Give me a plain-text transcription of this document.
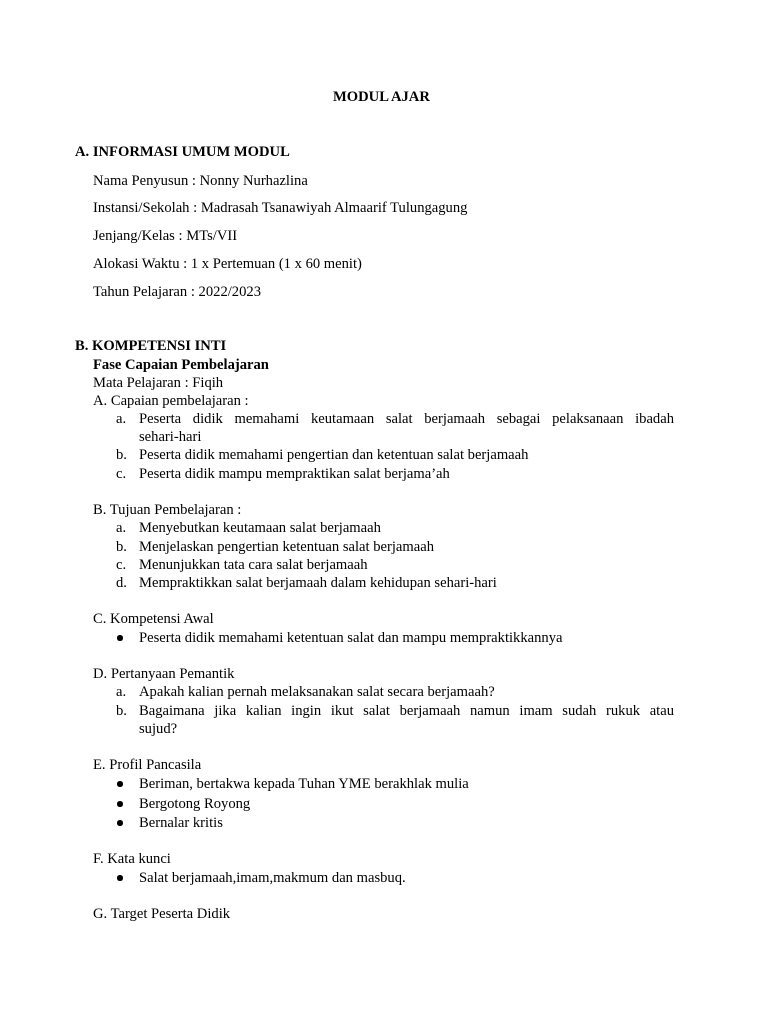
MODUL AJAR
A. INFORMASI UMUM MODUL
Nama Penyusun : Nonny Nurhazlina
Instansi/Sekolah : Madrasah Tsanawiyah Almaarif Tulungagung
Jenjang/Kelas : MTs/VII
Alokasi Waktu : 1 x Pertemuan (1 x 60 menit)
Tahun Pelajaran : 2022/2023
B. KOMPETENSI INTI
Fase Capaian Pembelajaran
Mata Pelajaran : Fiqih
A. Capaian pembelajaran :
a. Peserta didik memahami keutamaan salat berjamaah sebagai pelaksanaan ibadah
sehari-hari
b. Peserta didik memahami pengertian dan ketentuan salat berjamaah
c. Peserta didik mampu mempraktikan salat berjama’ah
B. Tujuan Pembelajaran :
a. Menyebutkan keutamaan salat berjamaah
b. Menjelaskan pengertian ketentuan salat berjamaah
c. Menunjukkan tata cara salat berjamaah
d. Mempraktikkan salat berjamaah dalam kehidupan sehari-hari
C. Kompetensi Awal
Peserta didik memahami ketentuan salat dan mampu mempraktikkannya
D. Pertanyaan Pemantik
a. Apakah kalian pernah melaksanakan salat secara berjamaah?
b. Bagaimana jika kalian ingin ikut salat berjamaah namun imam sudah rukuk atau
sujud?
E. Profil Pancasila
Beriman, bertakwa kepada Tuhan YME berakhlak mulia
Bergotong Royong
Bernalar kritis
F. Kata kunci
Salat berjamaah,imam,makmum dan masbuq.
G. Target Peserta Didik
